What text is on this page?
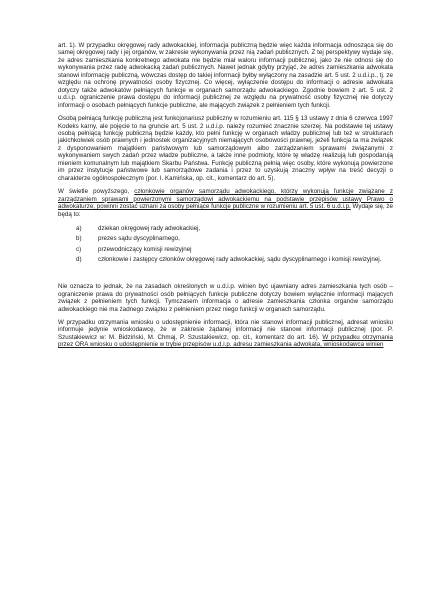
art. 1). W przypadku okręgowej rady adwokackiej, informacja publiczną będzie więc każda informacja odnosząca się do samej okręgowej rady i jej organów, w zakresie wykonywania przez nią zadań publicznych. Z tej perspektywy wydaje się, że adres zamieszkania konkretnego adwokata nie będzie miał waloru informacji publicznej, jako że nie odnosi się do wykonywania przez radę adwokacką zadań publicznych. Nawet jednak gdyby przyjąć, że adres zamieszkania adwokata stanowi informację publiczną, wówczas dostęp do takiej informacji byłby wyłączony na zasadzie art. 5 ust. 2 u.d.i.p., tj. ze względu na ochronę prywatności osoby fizycznej. Co więcej, wyłączenie dostępu do informacji o adresie adwokata dotyczy także adwokatów pełniących funkcje w organach samorządu adwokackiego. Zgodnie bowiem z art. 5 ust. 2 u.d.i.p. ograniczenie prawa dostępu do informacji publicznej ze względu na prywatność osoby fizycznej nie dotyczy informacji o osobach pełniących funkcje publiczne, ale mających związek z pełnieniem tych funkcji.

Osobą pełniącą funkcję publiczną jest funkcjonariusz publiczny w rozumieniu art. 115 § 13 ustawy z dnia 6 czerwca 1997 Kodeks karny, ale pojęcie to na gruncie art. 5 ust. 2 u.d.i.p. należy rozumieć znacznie szerzej. Na podstawie tej ustawy osobą pełniącą funkcję publiczną będzie każdy, kto pełni funkcję w organach władzy publicznej lub też w strukturach jakichkolwiek osób prawnych i jednostek organizacyjnych niemających osobowości prawnej, jeżeli funkcja ta ma związek z dysponowaniem majątkiem państwowym lub samorządowym albo zarządzaniem sprawami związanymi z wykonywaniem swych zadań przez władze publiczne, a także inne podmioty, które tę władzę realizują lub gospodarują mieniem komunalnym lub majątkiem Skarbu Państwa. Funkcję publiczną pełnią więc osoby, które wykonują powierzone im przez instytucje państwowe lub samorządowe zadania i przez to uzyskują znaczny wpływ na treść decyzji o charakterze ogólnospołecznym (por. I. Kamińska, op. cit., komentarz do art. 5).

W świetle powyższego, członkowie organów samorządu adwokackiego, którzy wykonują funkcje związane z zarządzaniem sprawami powierzonymi samorządowi adwokackiemu na podstawie przepisów ustawy Prawo o adwokaturze, powinni zostać uznani za osoby pełniące funkcje publiczne w rozumieniu art. 5 ust. 6 u.d.i.p. Wydaje się, że będą to:

a)	dziekan okręgowej rady adwokackiej,
b)	prezes sądu dyscyplinarnego,
c)	przewodniczący komisji rewizyjnej
d)	członkowie i zastępcy członków okręgowej rady adwokackiej, sądu dyscyplinarnego i komisji rewizyjnej.

Nie oznacza to jednak, że na zasadach określonych w u.d.i.p. winien być ujawniany adres zamieszkania tych osób – ograniczenie prawa do prywatności osób pełniących funkcje publiczne dotyczy bowiem wyłącznie informacji mających związek z pełnieniem tych funkcji. Tymczasem informacja o adresie zamieszkania członka organów samorządu adwokackiego nie ma żadnego związku z pełnieniem przez niego funkcji w organach samorządu.

W przypadku otrzymania wniosku o udostępnienie informacji, która nie stanowi informacji publicznej, adresat wniosku informuje jedynie wnioskodawcę, że w zakresie żądanej informacji nie stanowi informacji publicznej (por. P. Szustakiewicz w: M. Bidziński, M. Chmaj, P. Szustakiewicz, op. cit., komentarz do art. 16). W przypadku otrzymania przez ORA wniosku o udostępnienie w trybie przepisów u.d.i.p. adresu zamieszkania adwokata, wnioskodawca winien
